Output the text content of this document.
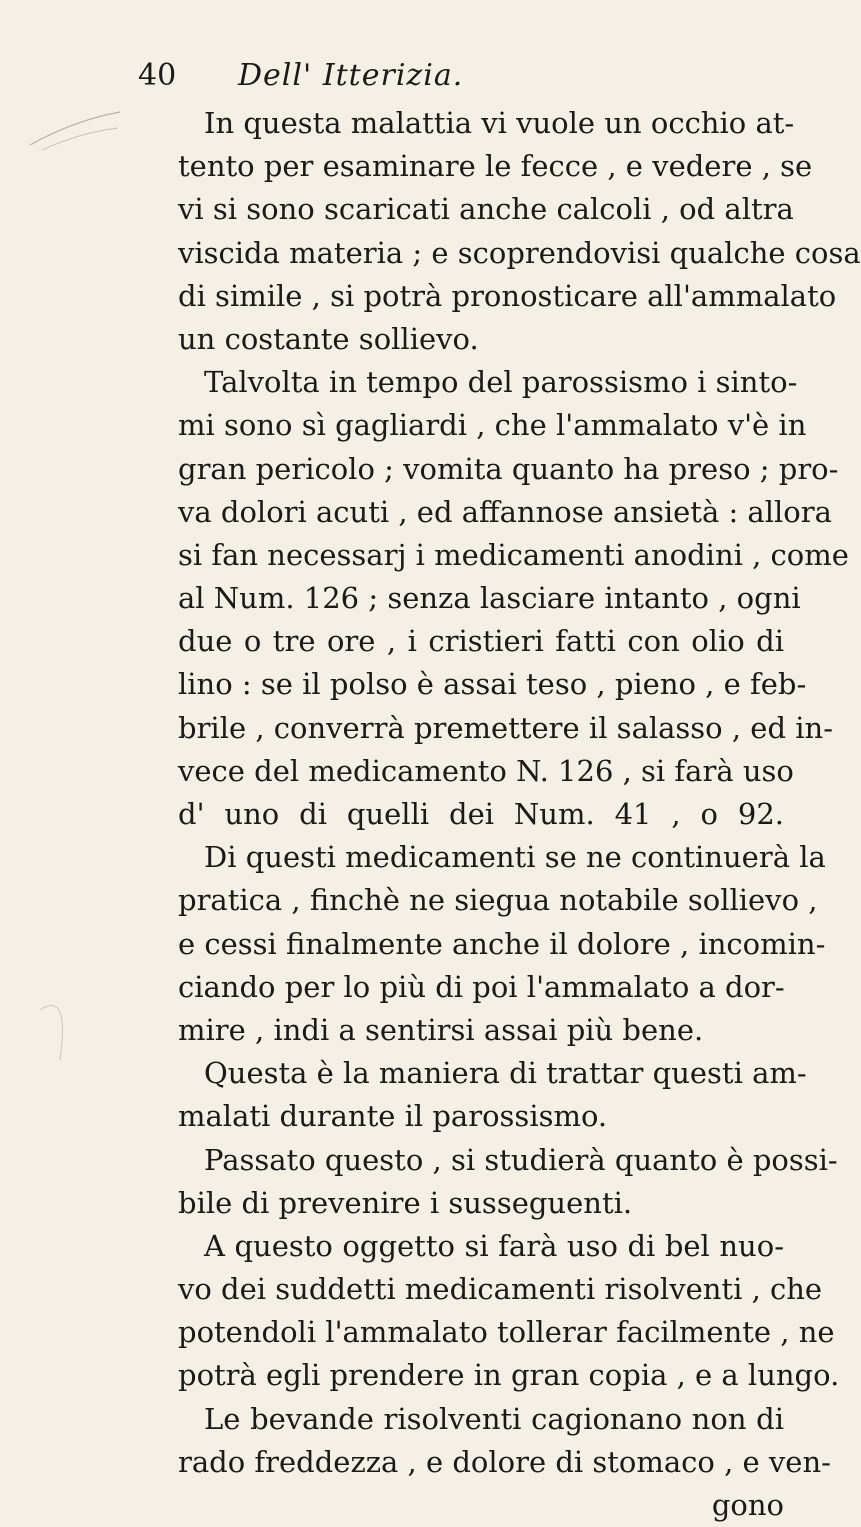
40 Dell' Itterizia.
In questa malattia vi vuole un occhio at-
tento per esaminare le fecce , e vedere , se
vi si sono scaricati anche calcoli , od altra
viscida materia ; e scoprendovisi qualche cosa
di simile , si potrà pronosticare all'ammalato
un costante sollievo.
Talvolta in tempo del parossismo i sinto-
mi sono sì gagliardi , che l'ammalato v'è in
gran pericolo ; vomita quanto ha preso ; pro-
va dolori acuti , ed affannose ansietà : allora
si fan necessarj i medicamenti anodini , come
al Num. 126 ; senza lasciare intanto , ogni
due o tre ore , i cristieri fatti con olio di
lino : se il polso è assai teso , pieno , e feb-
brile , converrà premettere il salasso , ed in-
vece del medicamento N. 126 , si farà uso
d' uno di quelli dei Num. 41 , o 92.
Di questi medicamenti se ne continuerà la
pratica , finchè ne siegua notabile sollievo ,
e cessi finalmente anche il dolore , incomin-
ciando per lo più di poi l'ammalato a dor-
mire , indi a sentirsi assai più bene.
Questa è la maniera di trattar questi am-
malati durante il parossismo.
Passato questo , si studierà quanto è possi-
bile di prevenire i susseguenti.
A questo oggetto si farà uso di bel nuo-
vo dei suddetti medicamenti risolventi , che
potendoli l'ammalato tollerar facilmente , ne
potrà egli prendere in gran copia , e a lungo.
Le bevande risolventi cagionano non di
rado freddezza , e dolore di stomaco , e ven-
gono
